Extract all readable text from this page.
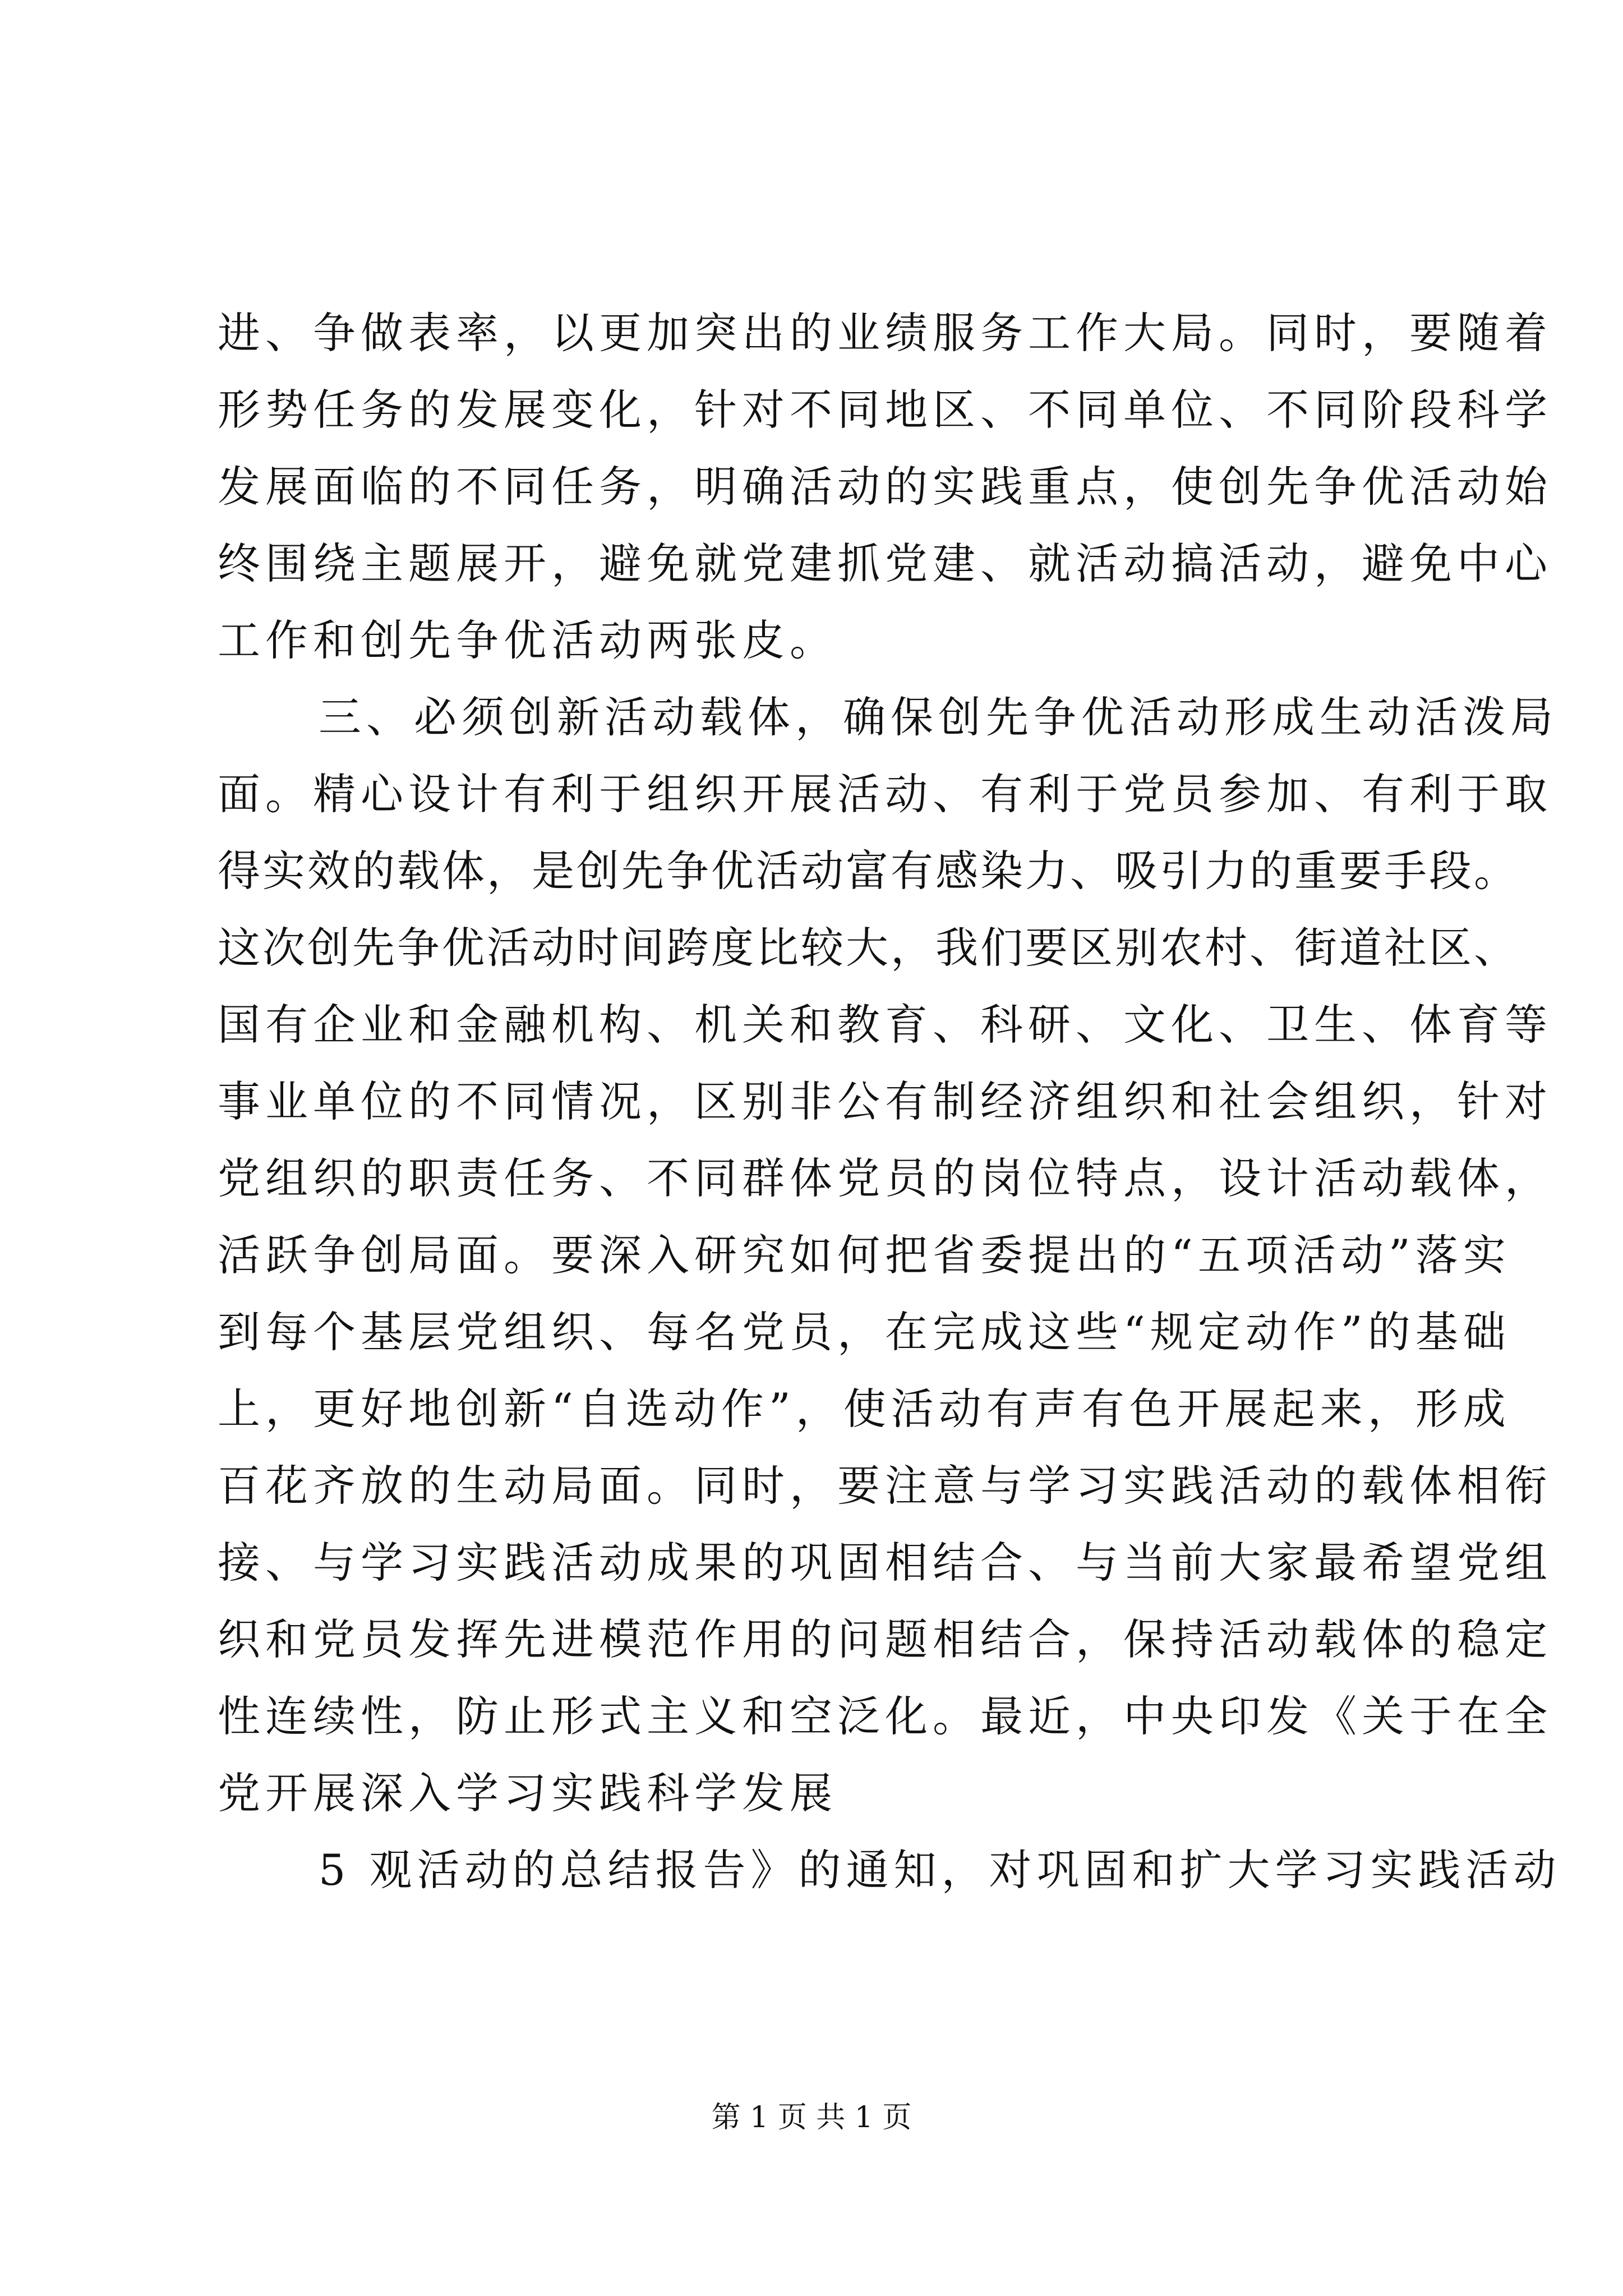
进、争做表率，以更加突出的业绩服务工作大局。同时，要随着
形势任务的发展变化，针对不同地区、不同单位、不同阶段科学
发展面临的不同任务，明确活动的实践重点，使创先争优活动始
终围绕主题展开，避免就党建抓党建、就活动搞活动，避免中心
工作和创先争优活动两张皮。
三、必须创新活动载体，确保创先争优活动形成生动活泼局
面。精心设计有利于组织开展活动、有利于党员参加、有利于取
得实效的载体，是创先争优活动富有感染力、吸引力的重要手段。
这次创先争优活动时间跨度比较大，我们要区别农村、街道社区、
国有企业和金融机构、机关和教育、科研、文化、卫生、体育等
事业单位的不同情况，区别非公有制经济组织和社会组织，针对
党组织的职责任务、不同群体党员的岗位特点，设计活动载体，
活跃争创局面。要深入研究如何把省委提出的“五项活动”落实
到每个基层党组织、每名党员，在完成这些“规定动作”的基础
上，更好地创新“自选动作”，使活动有声有色开展起来，形成
百花齐放的生动局面。同时，要注意与学习实践活动的载体相衔
接、与学习实践活动成果的巩固相结合、与当前大家最希望党组
织和党员发挥先进模范作用的问题相结合，保持活动载体的稳定
性连续性，防止形式主义和空泛化。最近，中央印发《关于在全
党开展深入学习实践科学发展
5 观活动的总结报告》的通知，对巩固和扩大学习实践活动
第 1 页 共 1 页
